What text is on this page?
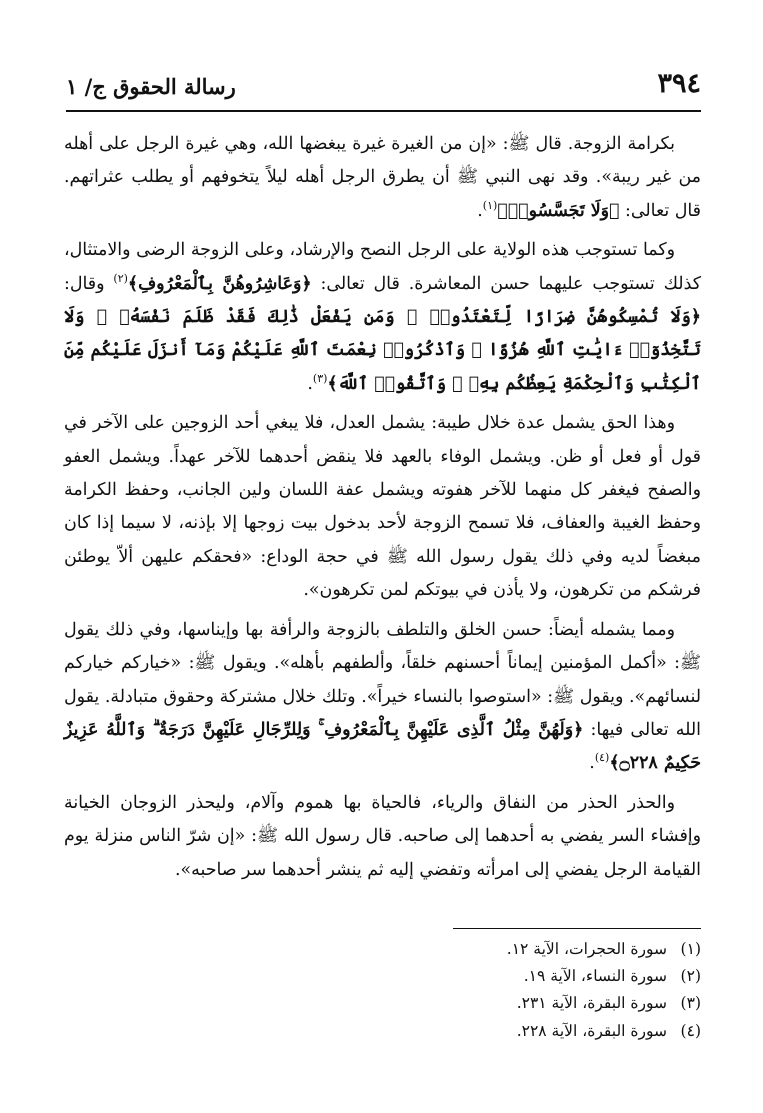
٣٩٤
رسالة الحقوق ج/ ١

بكرامة الزوجة. قال ﷺ: «إن من الغيرة غيرة يبغضها الله، وهي غيرة الرجل على أهله من غير ريبة». وقد نهى النبي ﷺ أن يطرق الرجل أهله ليلاً يتخوفهم أو يطلب عثراتهم. قال تعالى: ﴿وَلَا تَجَسَّسُوا۟﴾$^{(١)}$.

وكما تستوجب هذه الولاية على الرجل النصح والإرشاد، وعلى الزوجة الرضى والامتثال، كذلك تستوجب عليهما حسن المعاشرة. قال تعالى: ﴿وَعَاشِرُوهُنَّ بِٱلْمَعْرُوفِ﴾$^{(٢)}$ وقال: ﴿وَلَا تُمْسِكُوهُنَّ ضِرَارًا لِّتَعْتَدُوا۟ ۚ وَمَن يَفْعَلْ ذَٰلِكَ فَقَدْ ظَلَمَ نَفْسَهُۥ ۚ وَلَا تَتَّخِذُوٓا۟ ءَايَٰتِ ٱللَّهِ هُزُوًا ۚ وَٱذْكُرُوا۟ نِعْمَتَ ٱللَّهِ عَلَيْكُمْ وَمَآ أَنزَلَ عَلَيْكُم مِّنَ ٱلْكِتَٰبِ وَٱلْحِكْمَةِ يَعِظُكُم بِهِۦ ۚ وَٱتَّقُوا۟ ٱللَّهَ﴾$^{(٣)}$.

وهذا الحق يشمل عدة خلال طيبة: يشمل العدل، فلا يبغي أحد الزوجين على الآخر في قول أو فعل أو ظن. ويشمل الوفاء بالعهد فلا ينقض أحدهما للآخر عهداً. ويشمل العفو والصفح فيغفر كل منهما للآخر هفوته ويشمل عفة اللسان ولين الجانب، وحفظ الكرامة وحفظ الغيبة والعفاف، فلا تسمح الزوجة لأحد بدخول بيت زوجها إلا بإذنه، لا سيما إذا كان مبغضاً لديه وفي ذلك يقول رسول الله ﷺ في حجة الوداع: «فحقكم عليهن ألاّ يوطئن فرشكم من تكرهون، ولا يأذن في بيوتكم لمن تكرهون».

ومما يشمله أيضاً: حسن الخلق والتلطف بالزوجة والرأفة بها وإيناسها، وفي ذلك يقول ﷺ: «أكمل المؤمنين إيماناً أحسنهم خلقاً، وألطفهم بأهله». ويقول ﷺ: «خياركم خياركم لنسائهم». ويقول ﷺ: «استوصوا بالنساء خيراً». وتلك خلال مشتركة وحقوق متبادلة. يقول الله تعالى فيها: ﴿وَلَهُنَّ مِثْلُ ٱلَّذِى عَلَيْهِنَّ بِٱلْمَعْرُوفِ ۚ وَلِلرِّجَالِ عَلَيْهِنَّ دَرَجَةٌ ۗ وَٱللَّهُ عَزِيزٌ حَكِيمٌ ۝٢٢٨﴾$^{(٤)}$.

والحذر الحذر من النفاق والرياء، فالحياة بها هموم وآلام، وليحذر الزوجان الخيانة وإفشاء السر يفضي به أحدهما إلى صاحبه. قال رسول الله ﷺ: «إن شرّ الناس منزلة يوم القيامة الرجل يفضي إلى امرأته وتفضي إليه ثم ينشر أحدهما سر صاحبه».

(١)سورة الحجرات، الآية ١٢.
(٢)سورة النساء، الآية ١٩.
(٣)سورة البقرة، الآية ٢٣١.
(٤)سورة البقرة، الآية ٢٢٨.
